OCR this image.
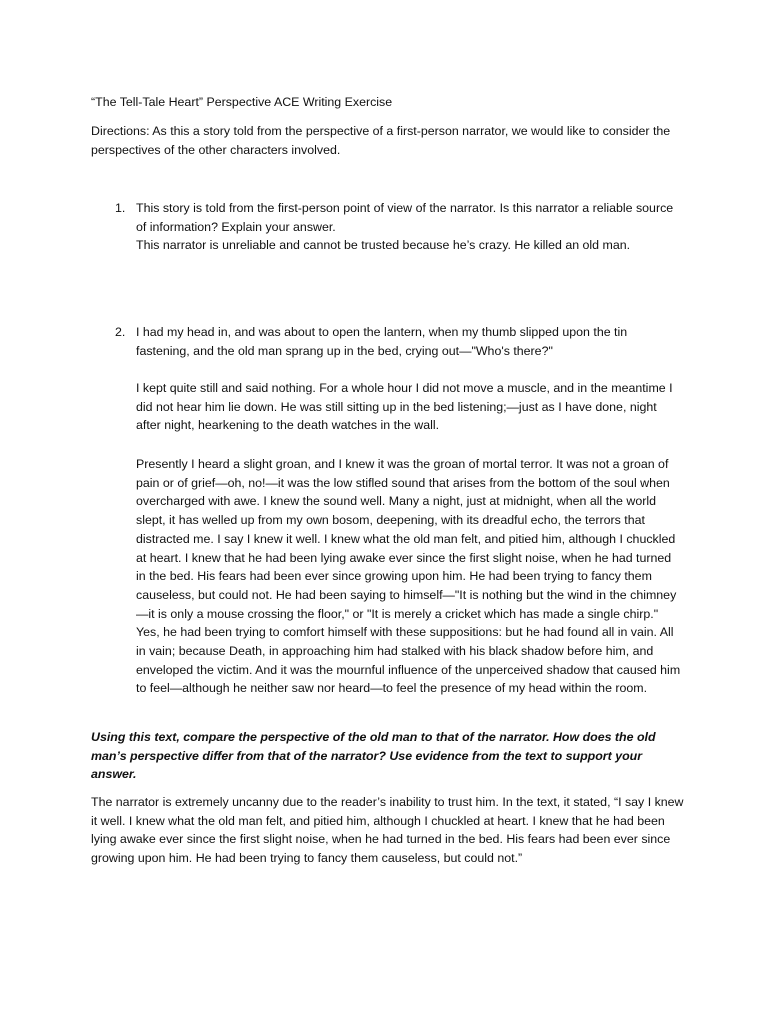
“The Tell-Tale Heart” Perspective ACE Writing Exercise

Directions: As this a story told from the perspective of a first-person narrator, we would like to consider the perspectives of the other characters involved.

1. This story is told from the first-person point of view of the narrator. Is this narrator a reliable source of information? Explain your answer.

This narrator is unreliable and cannot be trusted because he’s crazy. He killed an old man.

2. I had my head in, and was about to open the lantern, when my thumb slipped upon the tin fastening, and the old man sprang up in the bed, crying out—"Who's there?"

I kept quite still and said nothing. For a whole hour I did not move a muscle, and in the meantime I did not hear him lie down. He was still sitting up in the bed listening;—just as I have done, night after night, hearkening to the death watches in the wall.

Presently I heard a slight groan, and I knew it was the groan of mortal terror. It was not a groan of pain or of grief—oh, no!—it was the low stifled sound that arises from the bottom of the soul when overcharged with awe. I knew the sound well. Many a night, just at midnight, when all the world slept, it has welled up from my own bosom, deepening, with its dreadful echo, the terrors that distracted me. I say I knew it well. I knew what the old man felt, and pitied him, although I chuckled at heart. I knew that he had been lying awake ever since the first slight noise, when he had turned in the bed. His fears had been ever since growing upon him. He had been trying to fancy them causeless, but could not. He had been saying to himself—"It is nothing but the wind in the chimney—it is only a mouse crossing the floor," or "It is merely a cricket which has made a single chirp." Yes, he had been trying to comfort himself with these suppositions: but he had found all in vain. All in vain; because Death, in approaching him had stalked with his black shadow before him, and enveloped the victim. And it was the mournful influence of the unperceived shadow that caused him to feel—although he neither saw nor heard—to feel the presence of my head within the room.

Using this text, compare the perspective of the old man to that of the narrator. How does the old man’s perspective differ from that of the narrator? Use evidence from the text to support your answer.

The narrator is extremely uncanny due to the reader’s inability to trust him. In the text, it stated, “I say I knew it well. I knew what the old man felt, and pitied him, although I chuckled at heart. I knew that he had been lying awake ever since the first slight noise, when he had turned in the bed. His fears had been ever since growing upon him. He had been trying to fancy them causeless, but could not.”
